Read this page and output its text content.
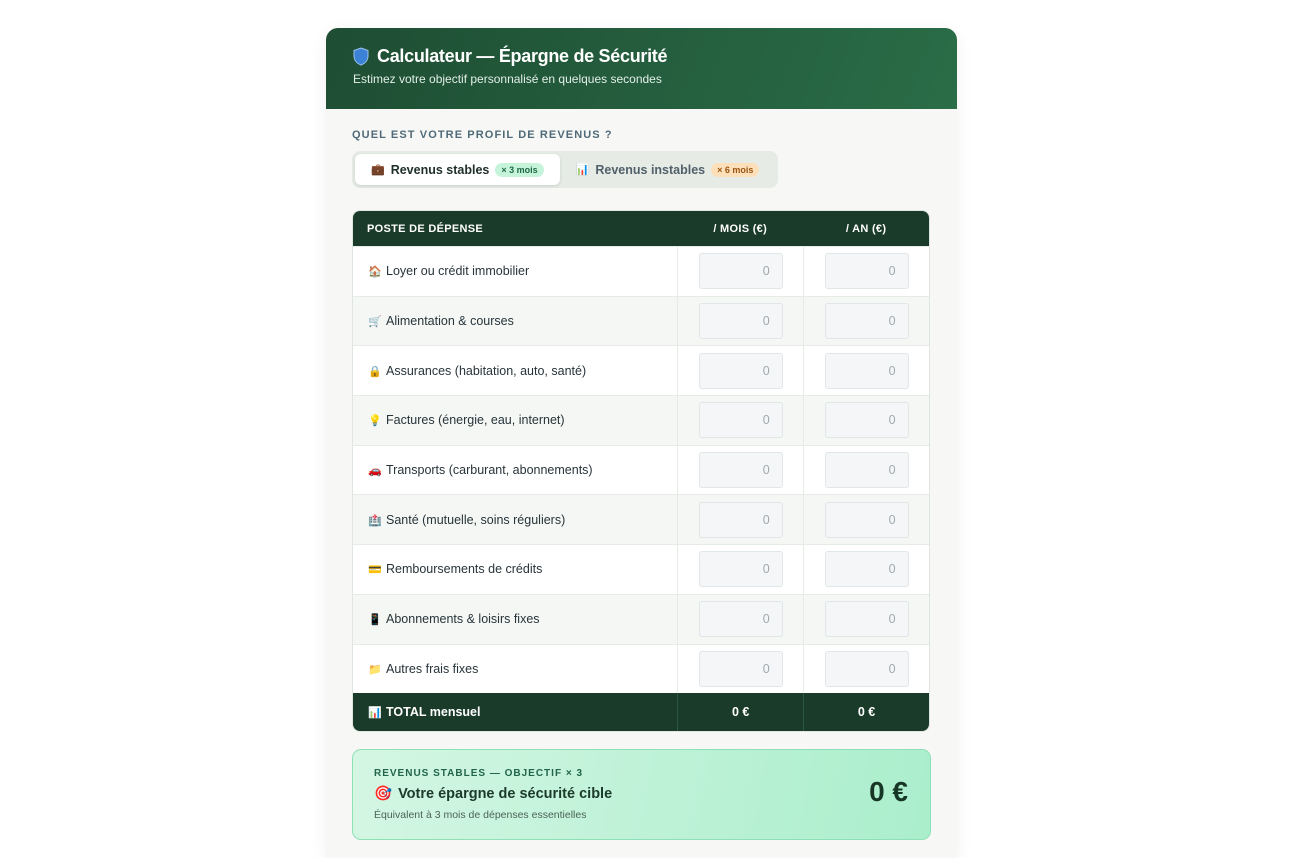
Calculateur — Épargne de Sécurité
Estimez votre objectif personnalisé en quelques secondes
QUEL EST VOTRE PROFIL DE REVENUS ?
💼 Revenus stables	× 3 mois	📊 Revenus instables	× 6 mois
POSTE DE DÉPENSE	/ MOIS (€)	/ AN (€)
🏠 Loyer ou crédit immobilier	0	0
🛒 Alimentation & courses	0	0
🔒 Assurances (habitation, auto, santé)	0	0
💡 Factures (énergie, eau, internet)	0	0
🚗 Transports (carburant, abonnements)	0	0
🏥 Santé (mutuelle, soins réguliers)	0	0
💳 Remboursements de crédits	0	0
📱 Abonnements & loisirs fixes	0	0
📁 Autres frais fixes	0	0
📊 TOTAL mensuel	0 €	0 €
REVENUS STABLES — OBJECTIF × 3
🎯 Votre épargne de sécurité cible
Équivalent à 3 mois de dépenses essentielles
0 €
